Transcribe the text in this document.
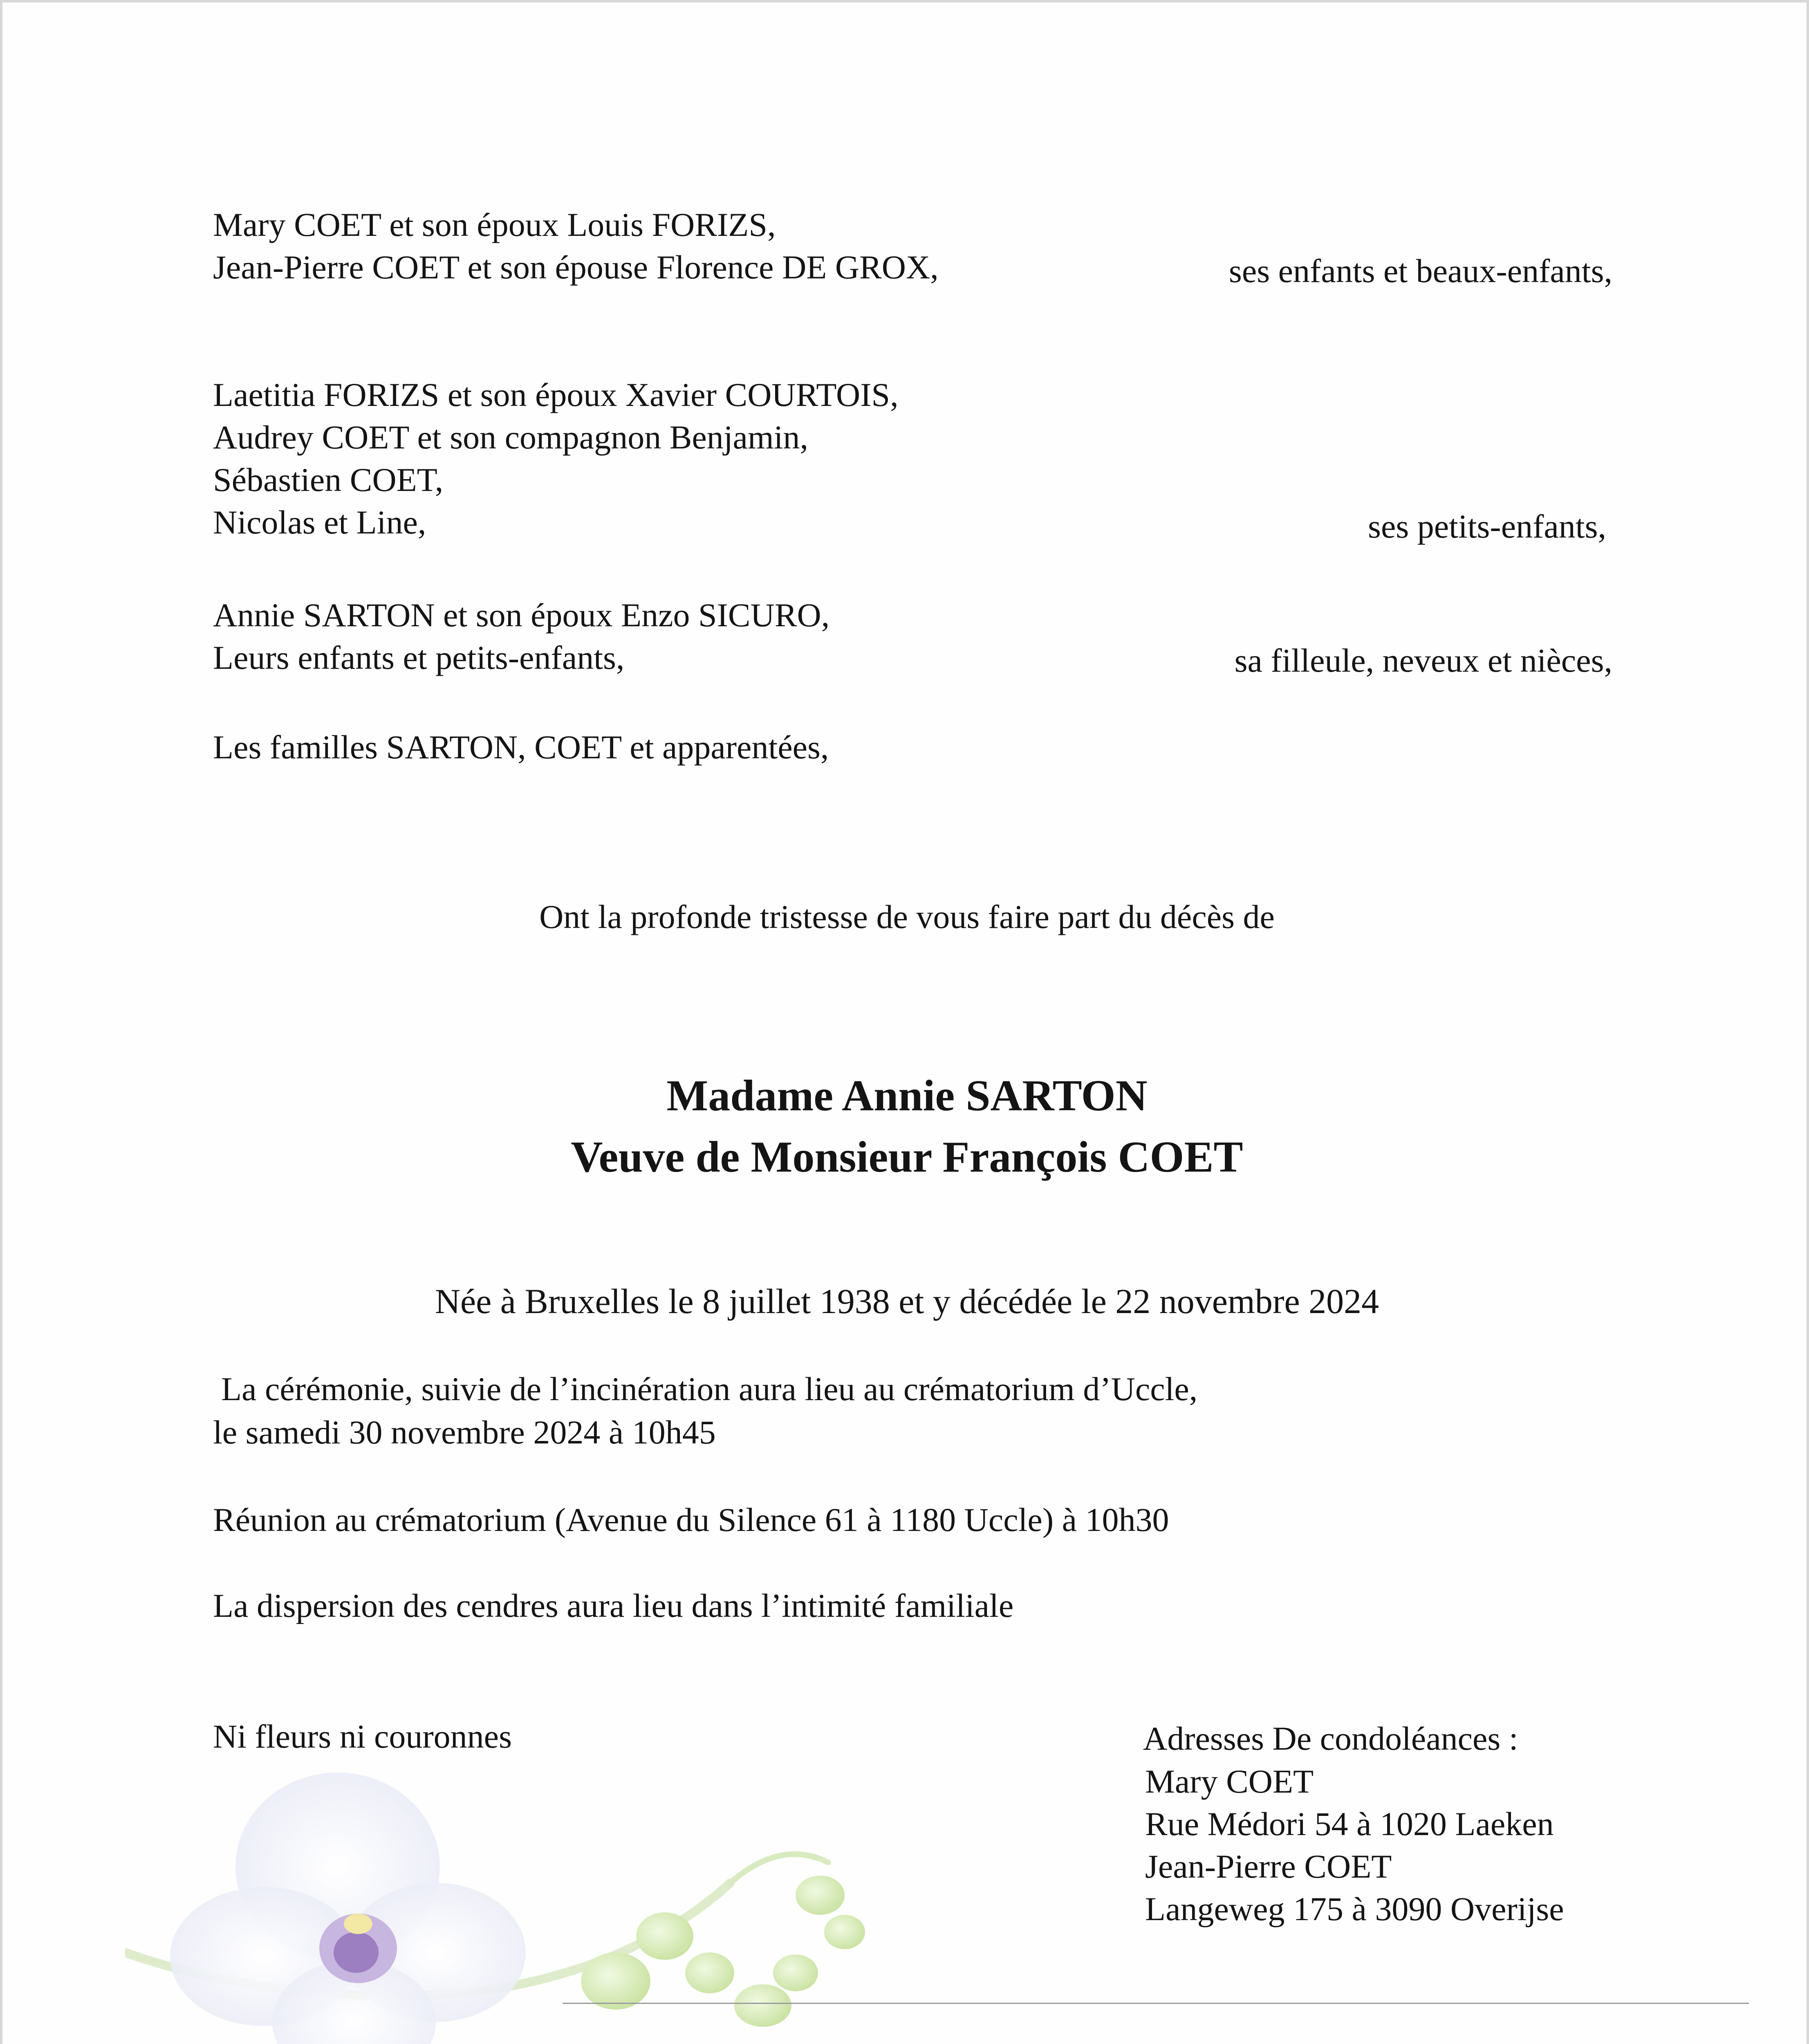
Mary COET et son époux Louis FORIZS,
Jean-Pierre COET et son épouse Florence DE GROX,	ses enfants et beaux-enfants,
Laetitia FORIZS et son époux Xavier COURTOIS,
Audrey COET et son compagnon Benjamin,
Sébastien COET,
Nicolas et Line,	ses petits-enfants,
Annie SARTON et son époux Enzo SICURO,
Leurs enfants et petits-enfants,	sa filleule, neveux et nièces,
Les familles SARTON, COET et apparentées,
Ont la profonde tristesse de vous faire part du décès de
Madame Annie SARTON
Veuve de Monsieur François COET
Née à Bruxelles le 8 juillet 1938 et y décédée le 22 novembre 2024
La cérémonie, suivie de l’incinération aura lieu au crématorium d’Uccle,
le samedi 30 novembre 2024 à 10h45
Réunion au crématorium (Avenue du Silence 61 à 1180 Uccle) à 10h30
La dispersion des cendres aura lieu dans l’intimité familiale
Ni fleurs ni couronnes	Adresses De condoléances :
Mary COET
Rue Médori 54 à 1020 Laeken
Jean-Pierre COET
Langeweg 175 à 3090 Overijse
